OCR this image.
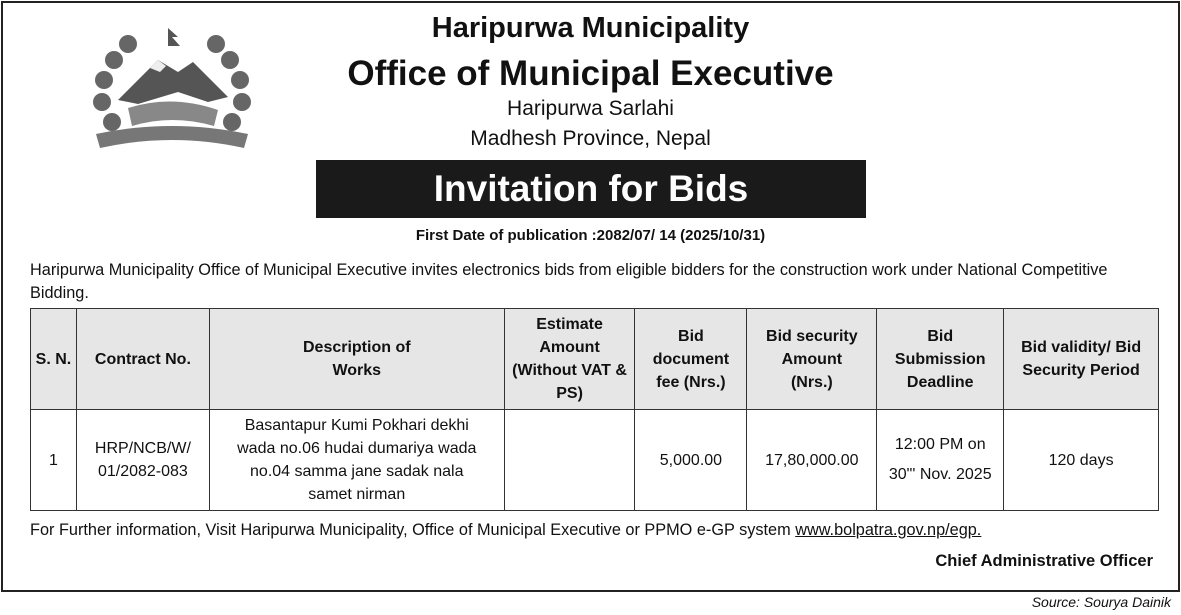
Haripurwa Municipality
Office of Municipal Executive
Haripurwa Sarlahi
Madhesh Province, Nepal
Invitation for Bids
First Date of publication :2082/07/ 14 (2025/10/31)
Haripurwa Municipality Office of Municipal Executive invites electronics bids from eligible bidders for the construction work under National Competitive Bidding.
S. N.	Contract No.	Description of Works	Estimate Amount (Without VAT & PS)	Bid document fee (Nrs.)	Bid security Amount (Nrs.)	Bid Submission Deadline	Bid validity/ Bid Security Period
1	HRP/NCB/W/ 01/2082-083	Basantapur Kumi Pokhari dekhi wada no.06 hudai dumariya wada no.04 samma jane sadak nala samet nirman		5,000.00	17,80,000.00	12:00 PM on 30"' Nov. 2025	120 days
For Further information, Visit Haripurwa Municipality, Office of Municipal Executive or PPMO e-GP system www.bolpatra.gov.np/egp.
Chief Administrative Officer
Source: Sourya Dainik
